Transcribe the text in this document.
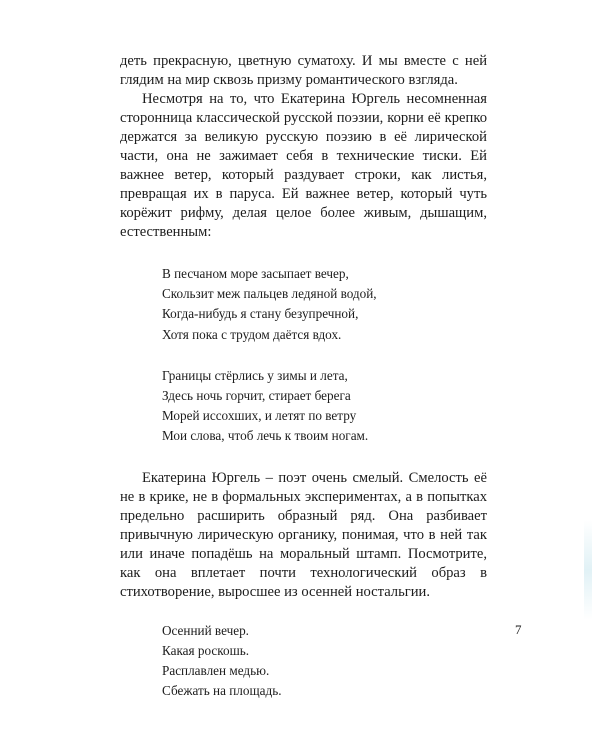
деть прекрасную, цветную суматоху. И мы вместе с ней глядим на мир сквозь призму романтического взгляда.

Несмотря на то, что Екатерина Юргель несомненная сторонница классической русской поэзии, корни её крепко держатся за великую русскую поэзию в её лирической части, она не зажимает себя в технические тиски. Ей важнее ветер, который раздувает строки, как листья, превращая их в паруса. Ей важнее ветер, который чуть корёжит рифму, делая целое более живым, дышащим, естественным:

В песчаном море засыпает вечер,
Скользит меж пальцев ледяной водой,
Когда-нибудь я стану безупречной,
Хотя пока с трудом даётся вдох.
Границы стёрлись у зимы и лета,
Здесь ночь горчит, стирает берега
Морей иссохших, и летят по ветру
Мои слова, чтоб лечь к твоим ногам.

Екатерина Юргель – поэт очень смелый. Смелость её не в крике, не в формальных экспериментах, а в попытках предельно расширить образный ряд. Она разбивает привычную лирическую органику, понимая, что в ней так или иначе попадёшь на моральный штамп. Посмотрите, как она вплетает почти технологический образ в стихотворение, выросшее из осенней ностальгии.

Осенний вечер.
Какая роскошь.
Расплавлен медью.
Сбежать на площадь.
7
